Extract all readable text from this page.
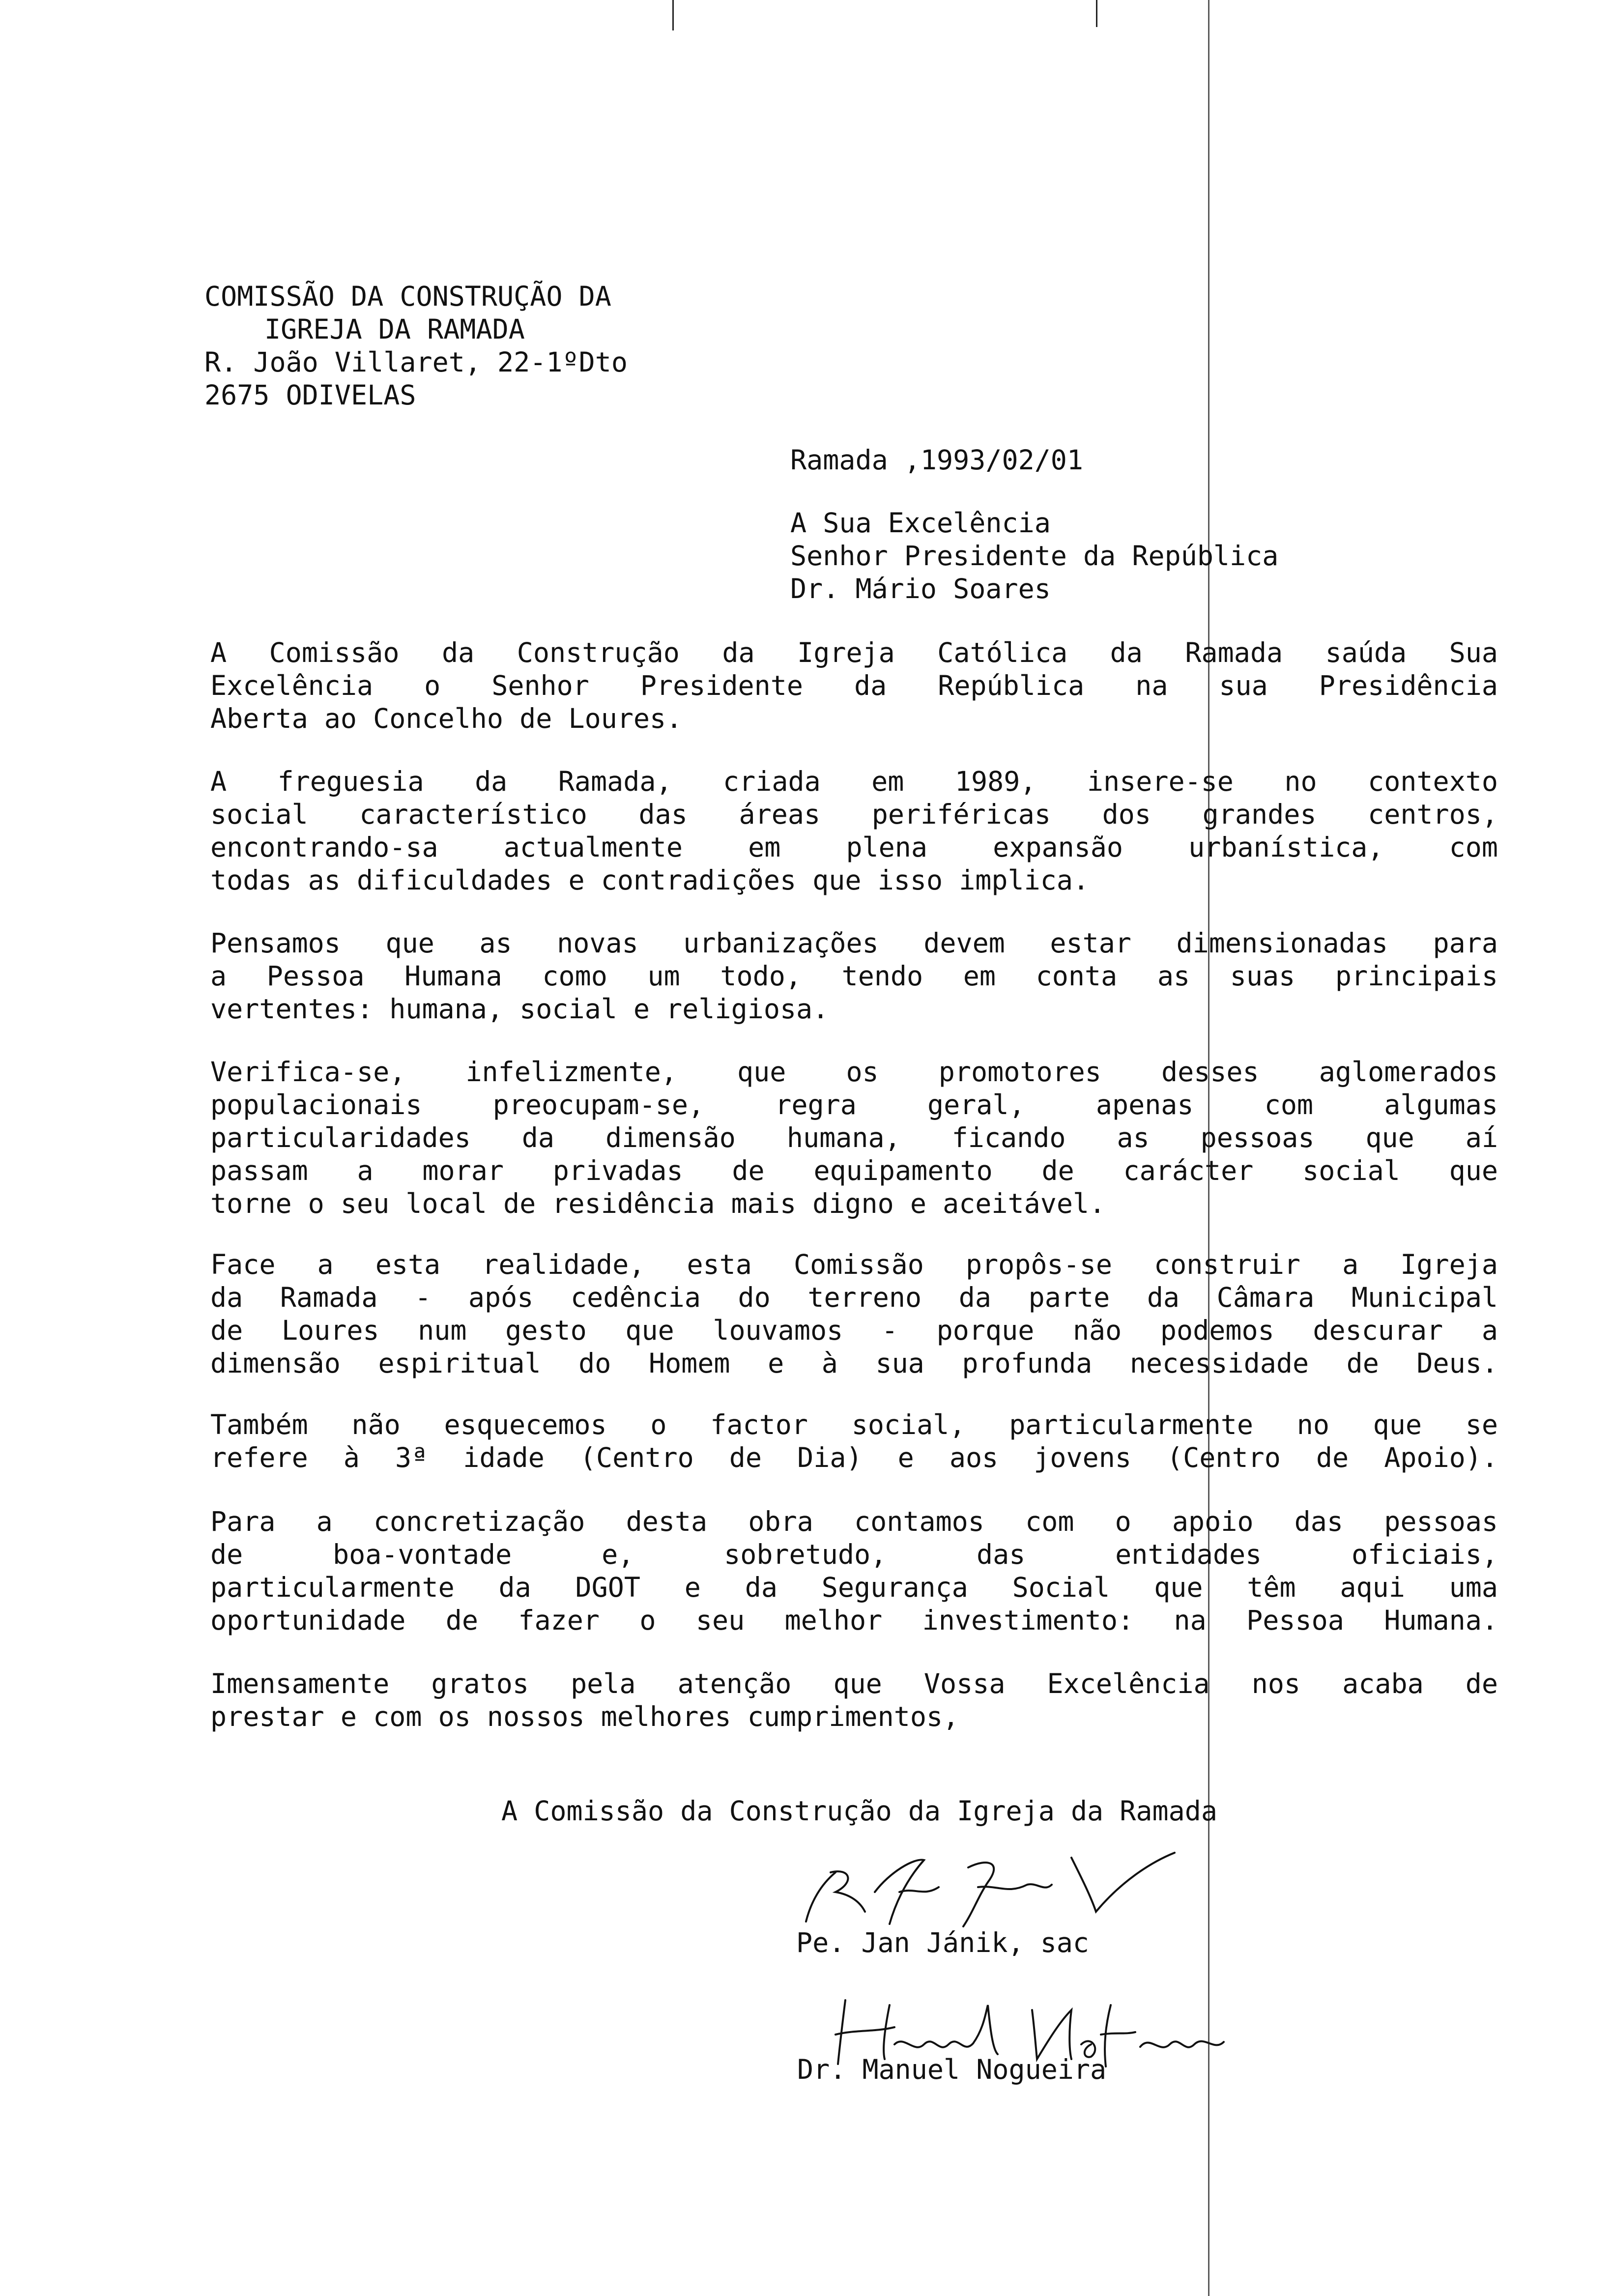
COMISSÃO DA CONSTRUÇÃO DA
IGREJA DA RAMADA
R. João Villaret, 22-1ºDto
2675 ODIVELAS
Ramada ,1993/02/01
A Sua Excelência
Senhor Presidente da República
Dr. Mário Soares
A Comissão da Construção da Igreja Católica da Ramada saúda Sua
Excelência o Senhor Presidente da República na sua Presidência
Aberta ao Concelho de Loures.
A freguesia da Ramada, criada em 1989, insere-se no contexto
social característico das áreas periféricas dos grandes centros,
encontrando-sa actualmente em plena expansão urbanística, com
todas as dificuldades e contradições que isso implica.
Pensamos que as novas urbanizações devem estar dimensionadas para
a Pessoa Humana como um todo, tendo em conta as suas principais
vertentes: humana, social e religiosa.
Verifica-se, infelizmente, que os promotores desses aglomerados
populacionais preocupam-se, regra geral, apenas com algumas
particularidades da dimensão humana, ficando as pessoas que aí
passam a morar privadas de equipamento de carácter social que
torne o seu local de residência mais digno e aceitável.
Face a esta realidade, esta Comissão propôs-se construir a Igreja
da Ramada - após cedência do terreno da parte da Câmara Municipal
de Loures num gesto que louvamos - porque não podemos descurar a
dimensão espiritual do Homem e à sua profunda necessidade de Deus.
Também não esquecemos o factor social, particularmente no que se
refere à 3ª idade (Centro de Dia) e aos jovens (Centro de Apoio).
Para a concretização desta obra contamos com o apoio das pessoas
de boa-vontade e, sobretudo, das entidades oficiais,
particularmente da DGOT e da Segurança Social que têm aqui uma
oportunidade de fazer o seu melhor investimento: na Pessoa Humana.
Imensamente gratos pela atenção que Vossa Excelência nos acaba de
prestar e com os nossos melhores cumprimentos,
A Comissão da Construção da Igreja da Ramada
Pe. Jan Jánik, sac
Dr. Manuel Nogueira
